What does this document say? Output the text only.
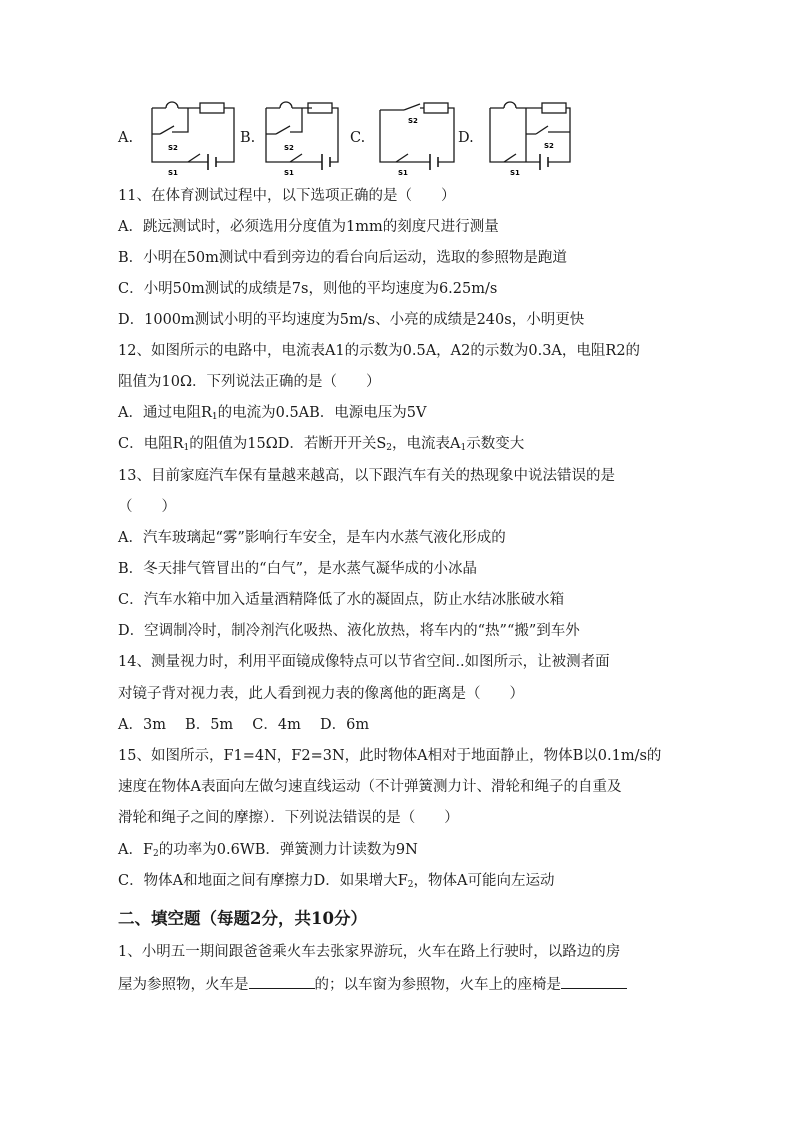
A.
S2
S1
B.
S2
S1
C.
S2
S1
D.	S2
S1
11、在体育测试过程中，以下选项正确的是（　　）
A．跳远测试时，必须选用分度值为1mm的刻度尺进行测量
B．小明在50m测试中看到旁边的看台向后运动，选取的参照物是跑道
C．小明50m测试的成绩是7s，则他的平均速度为6.25m/s
D．1000m测试小明的平均速度为5m/s、小亮的成绩是240s，小明更快
12、如图所示的电路中，电流表A1的示数为0.5A，A2的示数为0.3A，电阻R2的
阻值为10Ω．下列说法正确的是（　　）
A．通过电阻$R_1$的电流为0.5AB．电源电压为5V
C．电阻$R_1$的阻值为15ΩD．若断开开关$S_2$，电流表$A_1$示数变大
13、目前家庭汽车保有量越来越高，以下跟汽车有关的热现象中说法错误的是
（　　）
A．汽车玻璃起“雾”影响行车安全，是车内水蒸气液化形成的
B．冬天排气管冒出的“白气”，是水蒸气凝华成的小冰晶
C．汽车水箱中加入适量酒精降低了水的凝固点，防止水结冰胀破水箱
D．空调制冷时，制冷剂汽化吸热、液化放热，将车内的“热”“搬”到车外
14、测量视力时，利用平面镜成像特点可以节省空间..如图所示，让被测者面
对镜子背对视力表，此人看到视力表的像离他的距离是（　　）
A．3m　 B．5m　 C．4m　 D．6m
15、如图所示，F1=4N，F2=3N，此时物体A相对于地面静止，物体B以0.1m/s的
速度在物体A表面向左做匀速直线运动（不计弹簧测力计、滑轮和绳子的自重及
滑轮和绳子之间的摩擦）．下列说法错误的是（　　）
A．$F_2$的功率为0.6WB．弹簧测力计读数为9N
C．物体A和地面之间有摩擦力D．如果增大$F_2$，物体A可能向左运动
二、填空题（每题2分，共10分）
1、小明五一期间跟爸爸乘火车去张家界游玩，火车在路上行驶时，以路边的房
屋为参照物，火车是	的；以车窗为参照物，火车上的座椅是
